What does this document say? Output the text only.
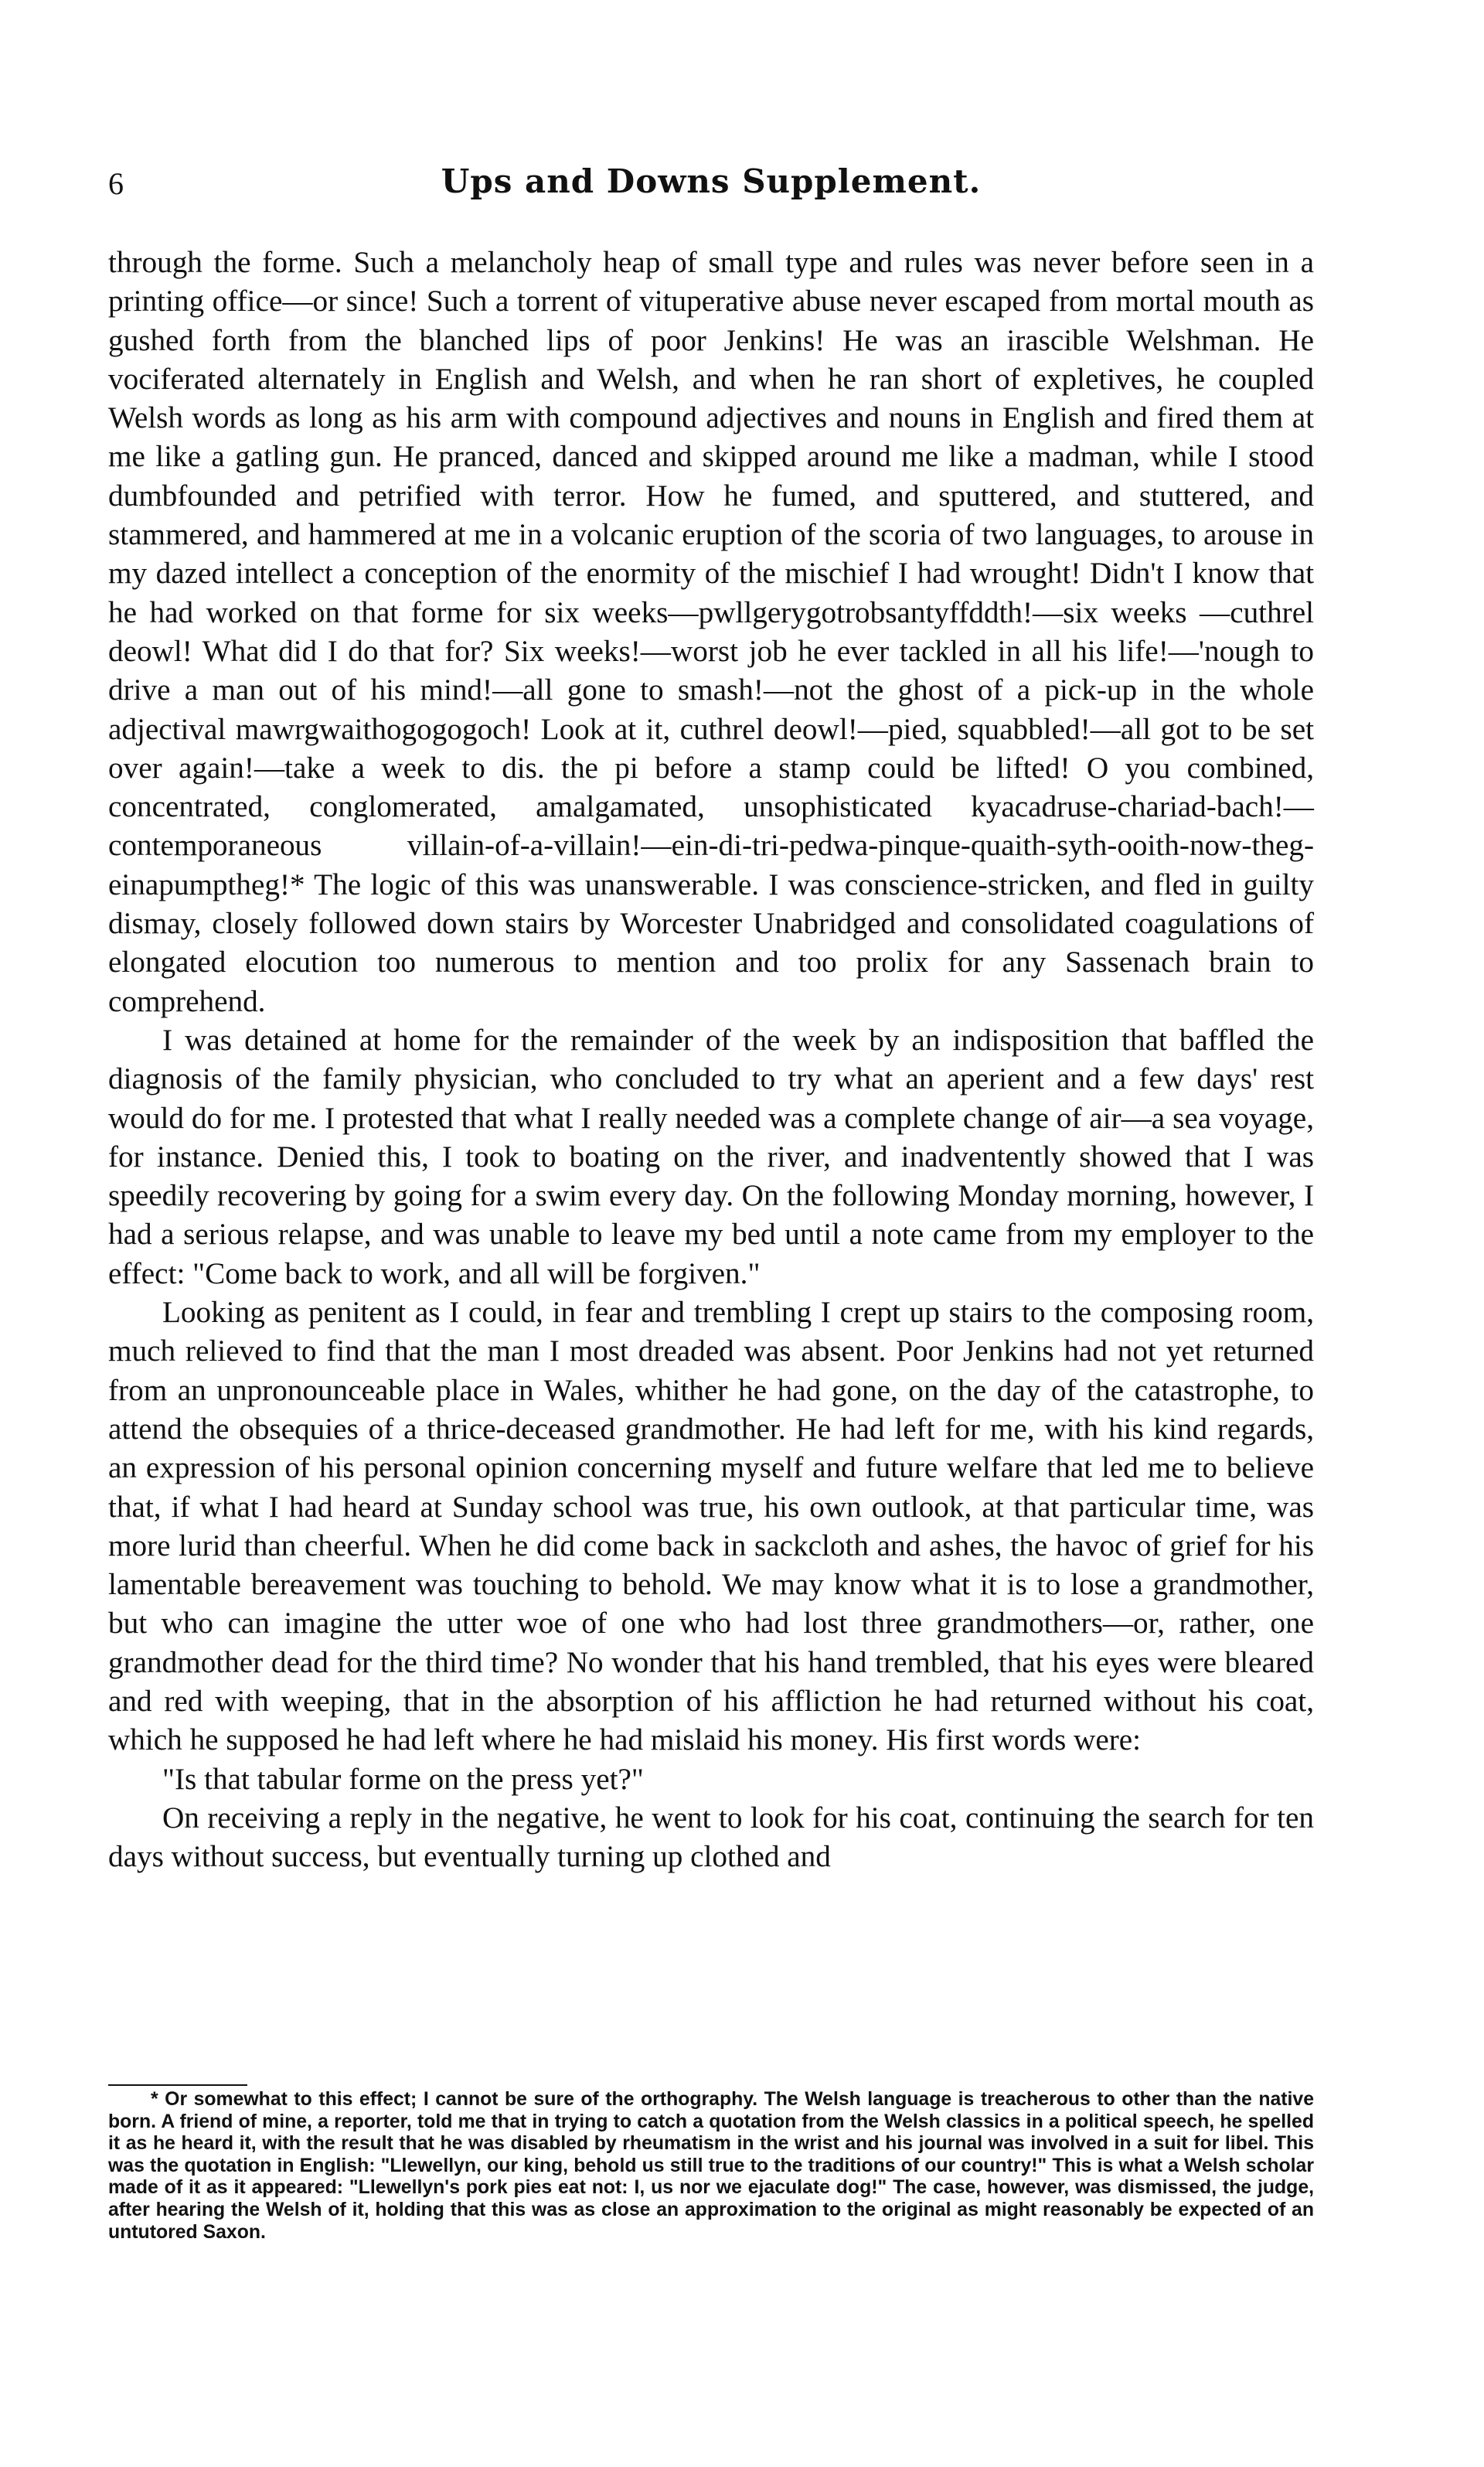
6	Ups and Downs Supplement.

through the forme. Such a melancholy heap of small type and rules was never before seen in a printing office—or since! Such a torrent of vituperative abuse never escaped from mortal mouth as gushed forth from the blanched lips of poor Jenkins! He was an irascible Welshman. He vociferated alternately in English and Welsh, and when he ran short of expletives, he coupled Welsh words as long as his arm with compound adjectives and nouns in English and fired them at me like a gatling gun. He pranced, danced and skipped around me like a madman, while I stood dumbfounded and petrified with terror. How he fumed, and sputtered, and stuttered, and stammered, and hammered at me in a volcanic eruption of the scoria of two languages, to arouse in my dazed intellect a conception of the enormity of the mischief I had wrought! Didn't I know that he had worked on that forme for six weeks—pwllgerygotrobsantyffddth!—six weeks —cuthrel deowl! What did I do that for? Six weeks!—worst job he ever tackled in all his life!—'nough to drive a man out of his mind!—all gone to smash!—not the ghost of a pick-up in the whole adjectival mawrgwaithogogogoch! Look at it, cuthrel deowl!—pied, squabbled!—all got to be set over again!—take a week to dis. the pi before a stamp could be lifted! O you combined, concentrated, conglomerated, amalgamated, unsophisticated kyacadruse-chariad-bach!—contemporaneous villain-of-a-villain!—ein-di-tri-pedwa-pinque-quaith-syth-ooith-now-theg-einapumptheg!* The logic of this was unanswerable. I was conscience-stricken, and fled in guilty dismay, closely followed down stairs by Worcester Unabridged and consolidated coagulations of elongated elocution too numerous to mention and too prolix for any Sassenach brain to comprehend.

I was detained at home for the remainder of the week by an indisposition that baffled the diagnosis of the family physician, who concluded to try what an aperient and a few days' rest would do for me. I protested that what I really needed was a complete change of air—a sea voyage, for instance. Denied this, I took to boating on the river, and inadventently showed that I was speedily recovering by going for a swim every day. On the following Monday morning, however, I had a serious relapse, and was unable to leave my bed until a note came from my employer to the effect: "Come back to work, and all will be forgiven."

Looking as penitent as I could, in fear and trembling I crept up stairs to the composing room, much relieved to find that the man I most dreaded was absent. Poor Jenkins had not yet returned from an unpronounceable place in Wales, whither he had gone, on the day of the catastrophe, to attend the obsequies of a thrice-deceased grandmother. He had left for me, with his kind regards, an expression of his personal opinion concerning myself and future welfare that led me to believe that, if what I had heard at Sunday school was true, his own outlook, at that particular time, was more lurid than cheerful. When he did come back in sackcloth and ashes, the havoc of grief for his lamentable bereavement was touching to behold. We may know what it is to lose a grandmother, but who can imagine the utter woe of one who had lost three grandmothers—or, rather, one grandmother dead for the third time? No wonder that his hand trembled, that his eyes were bleared and red with weeping, that in the absorption of his affliction he had returned without his coat, which he supposed he had left where he had mislaid his money. His first words were:

"Is that tabular forme on the press yet?"

On receiving a reply in the negative, he went to look for his coat, continuing the search for ten days without success, but eventually turning up clothed and

* Or somewhat to this effect; I cannot be sure of the orthography. The Welsh language is treacherous to other than the native born. A friend of mine, a reporter, told me that in trying to catch a quotation from the Welsh classics in a political speech, he spelled it as he heard it, with the result that he was disabled by rheumatism in the wrist and his journal was involved in a suit for libel. This was the quotation in English: "Llewellyn, our king, behold us still true to the traditions of our country!" This is what a Welsh scholar made of it as it appeared: "Llewellyn's pork pies eat not: I, us nor we ejaculate dog!" The case, however, was dismissed, the judge, after hearing the Welsh of it, holding that this was as close an approximation to the original as might reasonably be expected of an untutored Saxon.
